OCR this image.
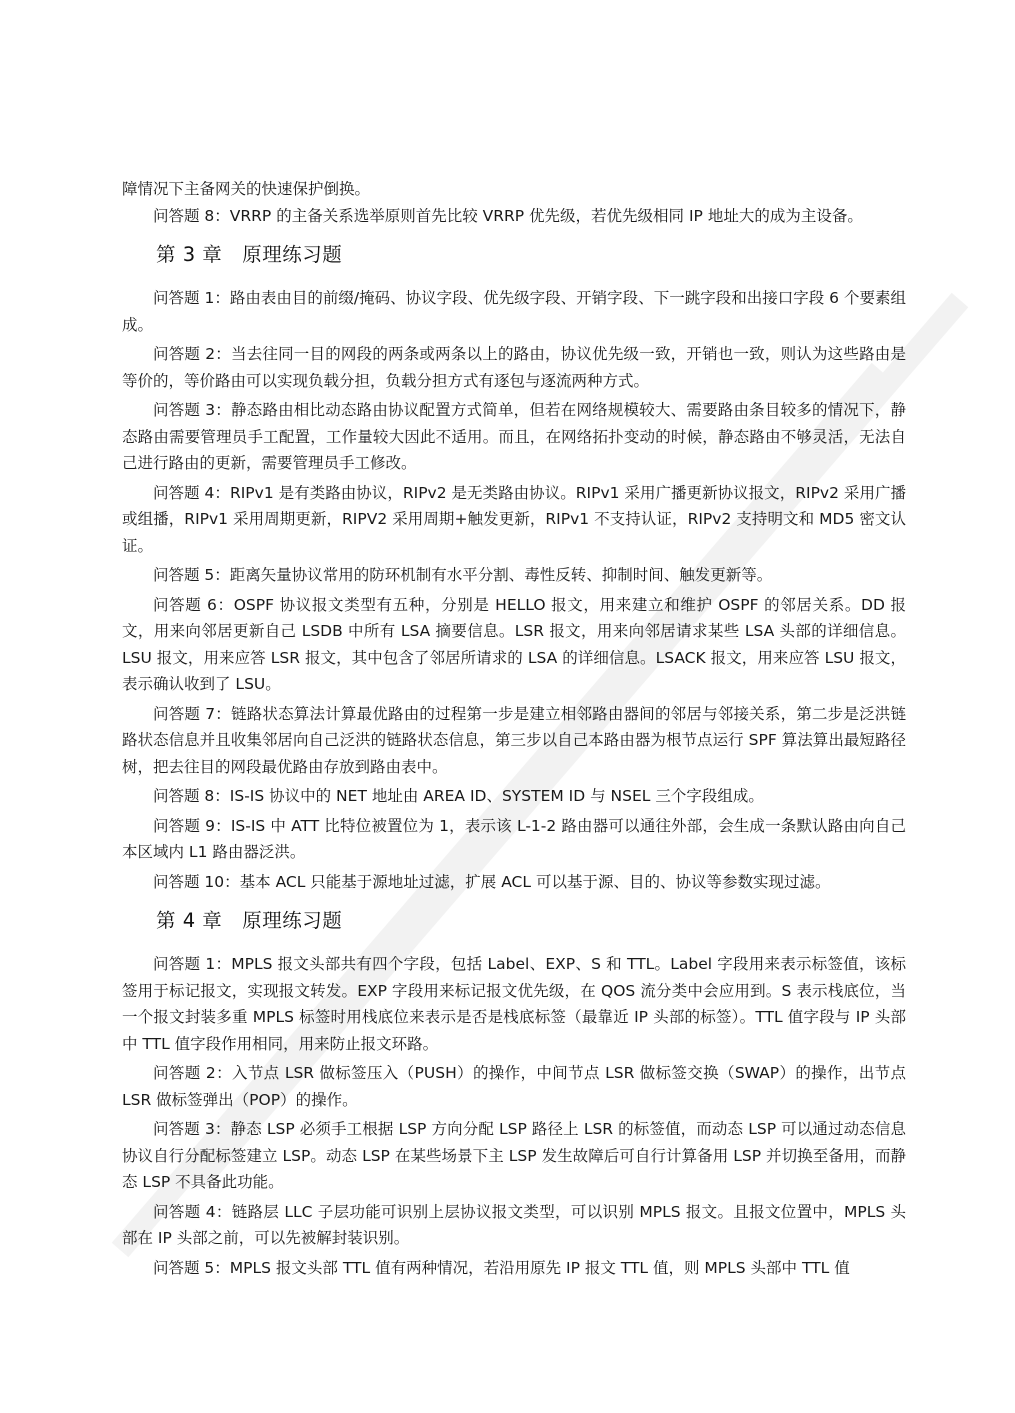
障情况下主备网关的快速保护倒换。

问答题 8：VRRP 的主备关系选举原则首先比较 VRRP 优先级，若优先级相同 IP 地址大的成为主设备。

第 3 章　原理练习题

问答题 1：路由表由目的前缀/掩码、协议字段、优先级字段、开销字段、下一跳字段和出接口字段 6 个要素组成。

问答题 2：当去往同一目的网段的两条或两条以上的路由，协议优先级一致，开销也一致，则认为这些路由是等价的，等价路由可以实现负载分担，负载分担方式有逐包与逐流两种方式。

问答题 3：静态路由相比动态路由协议配置方式简单，但若在网络规模较大、需要路由条目较多的情况下，静态路由需要管理员手工配置，工作量较大因此不适用。而且，在网络拓扑变动的时候，静态路由不够灵活，无法自己进行路由的更新，需要管理员手工修改。

问答题 4：RIPv1 是有类路由协议，RIPv2 是无类路由协议。RIPv1 采用广播更新协议报文，RIPv2 采用广播或组播，RIPv1 采用周期更新，RIPV2 采用周期+触发更新，RIPv1 不支持认证，RIPv2 支持明文和 MD5 密文认证。

问答题 5：距离矢量协议常用的防环机制有水平分割、毒性反转、抑制时间、触发更新等。

问答题 6：OSPF 协议报文类型有五种，分别是 HELLO 报文，用来建立和维护 OSPF 的邻居关系。DD 报文，用来向邻居更新自己 LSDB 中所有 LSA 摘要信息。LSR 报文，用来向邻居请求某些 LSA 头部的详细信息。LSU 报文，用来应答 LSR 报文，其中包含了邻居所请求的 LSA 的详细信息。LSACK 报文，用来应答 LSU 报文，表示确认收到了 LSU。

问答题 7：链路状态算法计算最优路由的过程第一步是建立相邻路由器间的邻居与邻接关系，第二步是泛洪链路状态信息并且收集邻居向自己泛洪的链路状态信息，第三步以自己本路由器为根节点运行 SPF 算法算出最短路径树，把去往目的网段最优路由存放到路由表中。

问答题 8：IS-IS 协议中的 NET 地址由 AREA ID、SYSTEM ID 与 NSEL 三个字段组成。

问答题 9：IS-IS 中 ATT 比特位被置位为 1，表示该 L-1-2 路由器可以通往外部，会生成一条默认路由向自己本区域内 L1 路由器泛洪。

问答题 10：基本 ACL 只能基于源地址过滤，扩展 ACL 可以基于源、目的、协议等参数实现过滤。

第 4 章　原理练习题

问答题 1：MPLS 报文头部共有四个字段，包括 Label、EXP、S 和 TTL。Label 字段用来表示标签值，该标签用于标记报文，实现报文转发。EXP 字段用来标记报文优先级，在 QOS 流分类中会应用到。S 表示栈底位，当一个报文封装多重 MPLS 标签时用栈底位来表示是否是栈底标签（最靠近 IP 头部的标签）。TTL 值字段与 IP 头部中 TTL 值字段作用相同，用来防止报文环路。

问答题 2：入节点 LSR 做标签压入（PUSH）的操作，中间节点 LSR 做标签交换（SWAP）的操作，出节点 LSR 做标签弹出（POP）的操作。

问答题 3：静态 LSP 必须手工根据 LSP 方向分配 LSP 路径上 LSR 的标签值，而动态 LSP 可以通过动态信息协议自行分配标签建立 LSP。动态 LSP 在某些场景下主 LSP 发生故障后可自行计算备用 LSP 并切换至备用，而静态 LSP 不具备此功能。

问答题 4：链路层 LLC 子层功能可识别上层协议报文类型，可以识别 MPLS 报文。且报文位置中，MPLS 头部在 IP 头部之前，可以先被解封装识别。

问答题 5：MPLS 报文头部 TTL 值有两种情况，若沿用原先 IP 报文 TTL 值，则 MPLS 头部中 TTL 值
